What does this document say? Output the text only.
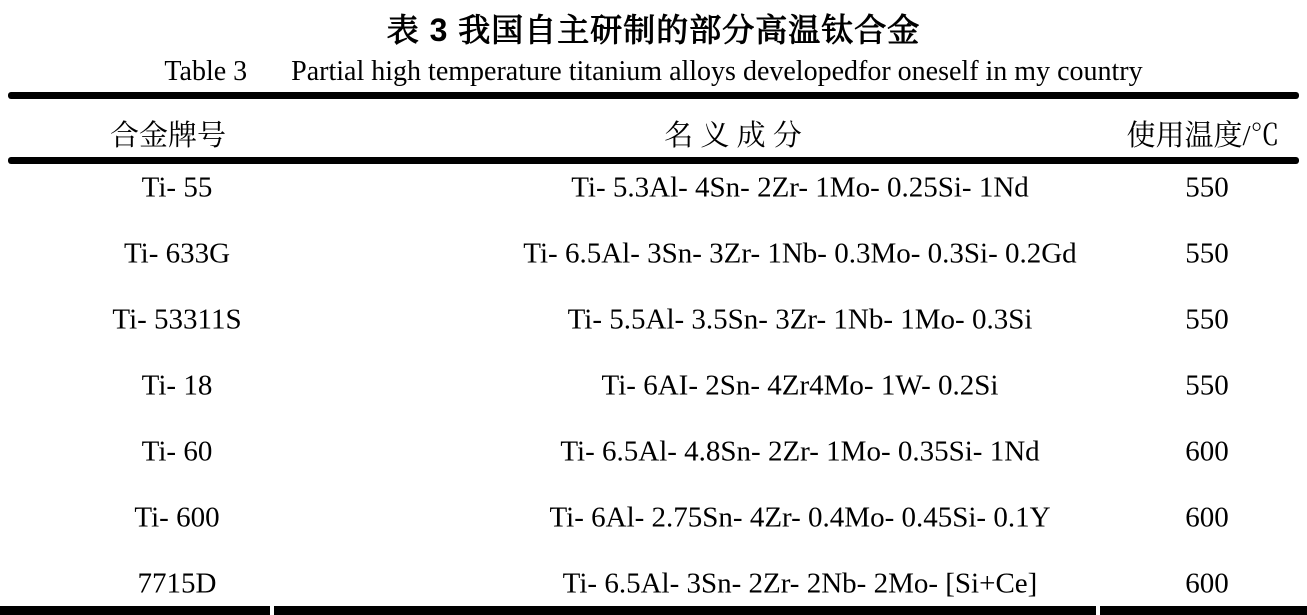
表 3 我国自主研制的部分高温钛合金
Table 3 Partial high temperature titanium alloys developedfor oneself in my country
合金牌号	名 义 成 分	使用温度/℃
Ti- 55	Ti- 5.3Al- 4Sn- 2Zr- 1Mo- 0.25Si- 1Nd	550
Ti- 633G	Ti- 6.5Al- 3Sn- 3Zr- 1Nb- 0.3Mo- 0.3Si- 0.2Gd	550
Ti- 53311S	Ti- 5.5Al- 3.5Sn- 3Zr- 1Nb- 1Mo- 0.3Si	550
Ti- 18	Ti- 6AI- 2Sn- 4Zr4Mo- 1W- 0.2Si	550
Ti- 60	Ti- 6.5Al- 4.8Sn- 2Zr- 1Mo- 0.35Si- 1Nd	600
Ti- 600	Ti- 6Al- 2.75Sn- 4Zr- 0.4Mo- 0.45Si- 0.1Y	600
7715D	Ti- 6.5Al- 3Sn- 2Zr- 2Nb- 2Mo- [Si+Ce]	600
